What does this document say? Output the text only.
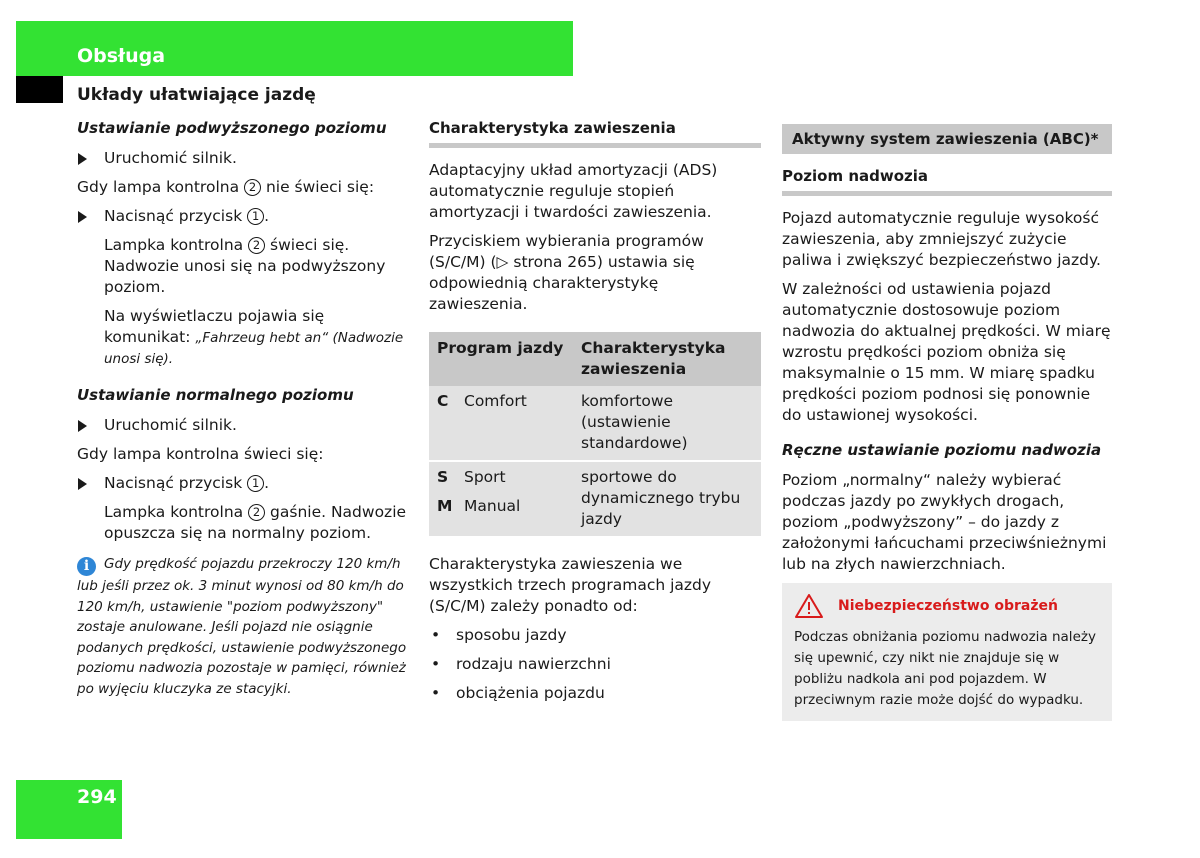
Obsługa
Układy ułatwiające jazdę
Ustawianie podwyższonego poziomu
Uruchomić silnik.

Gdy lampa kontrolna 2 nie świeci się:

Nacisnąć przycisk 1 .
Lampka kontrolna 2 świeci się. Nadwozie unosi się na podwyższony poziom.
Na wyświetlaczu pojawia się komunikat: „Fahrzeug hebt an“ (Nadwozie unosi się).
Ustawianie normalnego poziomu
Uruchomić silnik.

Gdy lampa kontrolna świeci się:

Nacisnąć przycisk 1 .
Lampka kontrolna 2 gaśnie. Nadwozie opuszcza się na normalny poziom.
i Gdy prędkość pojazdu przekroczy 120 km/h lub jeśli przez ok. 3 minut wynosi od 80 km/h do 120 km/h, ustawienie "poziom podwyższony" zostaje anulowane. Jeśli pojazd nie osiągnie podanych prędkości, ustawienie podwyższonego poziomu nadwozia pozostaje w pamięci, również po wyjęciu kluczyka ze stacyjki.
Charakterystyka zawieszenia

Adaptacyjny układ amortyzacji (ADS) automatycznie reguluje stopień amortyzacji i twardości zawieszenia.

Przyciskiem wybierania programów (S/C/M) (▷ strona 265) ustawia się odpowiednią charakterystykę zawieszenia.

Program jazdy	Charakterystyka zawieszenia
C Comfort	komfortowe (ustawienie standardowe)

S Sport
M Manual	sportowe do dynamicznego trybu jazdy

Charakterystyka zawieszenia we wszystkich trzech programach jazdy (S/C/M) zależy ponadto od:

• sposobu jazdy
• rodzaju nawierzchni
• obciążenia pojazdu
Aktywny system zawieszenia (ABC)*
Poziom nadwozia

Pojazd automatycznie reguluje wysokość zawieszenia, aby zmniejszyć zużycie paliwa i zwiększyć bezpieczeństwo jazdy.

W zależności od ustawienia pojazd automatycznie dostosowuje poziom nadwozia do aktualnej prędkości. W miarę wzrostu prędkości poziom obniża się maksymalnie o 15 mm. W miarę spadku prędkości poziom podnosi się ponownie do ustawionej wysokości.

Ręczne ustawianie poziomu nadwozia

Poziom „normalny“ należy wybierać podczas jazdy po zwykłych drogach, poziom „podwyższony” – do jazdy z założonymi łańcuchami przeciwśnieżnymi lub na złych nawierzchniach.

Niebezpieczeństwo obrażeń
Podczas obniżania poziomu nadwozia należy się upewnić, czy nikt nie znajduje się w pobliżu nadkola ani pod pojazdem. W przeciwnym razie może dojść do wypadku.
294
